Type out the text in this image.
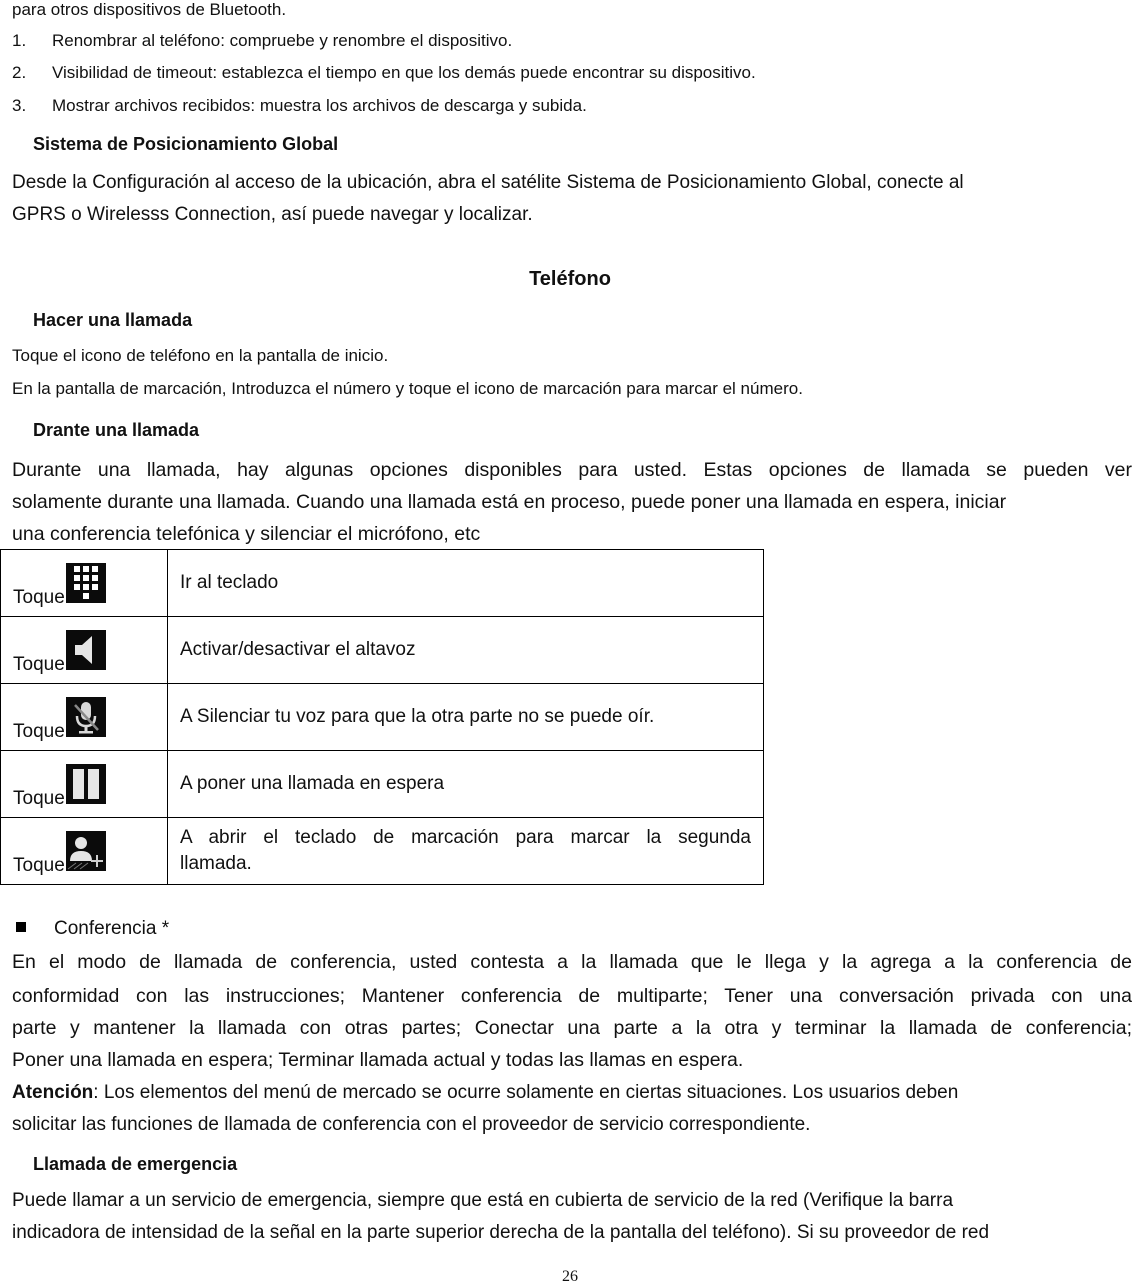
para otros dispositivos de Bluetooth.
1. Renombrar al teléfono: compruebe y renombre el dispositivo.
2. Visibilidad de timeout: establezca el tiempo en que los demás puede encontrar su dispositivo.
3. Mostrar archivos recibidos: muestra los archivos de descarga y subida.
Sistema de Posicionamiento Global
Desde la Configuración al acceso de la ubicación, abra el satélite Sistema de Posicionamiento Global, conecte al
GPRS o Wirelesss Connection, así puede navegar y localizar.
Teléfono
Hacer una llamada
Toque el icono de teléfono en la pantalla de inicio.
En la pantalla de marcación, Introduzca el número y toque el icono de marcación para marcar el número.
Drante una llamada
Durante una llamada, hay algunas opciones disponibles para usted. Estas opciones de llamada se pueden ver
solamente durante una llamada. Cuando una llamada está en proceso, puede poner una llamada en espera, iniciar
una conferencia telefónica y silenciar el micrófono, etc
Toque	Ir al teclado

Toque	Activar/desactivar el altavoz

Toque	A Silenciar tu voz para que la otra parte no se puede oír.

Toque	A poner una llamada en espera

Toque	A abrir el teclado de marcación para marcar la segunda
llamada.
Conferencia *
En el modo de llamada de conferencia, usted contesta a la llamada que le llega y la agrega a la conferencia de
conformidad con las instrucciones; Mantener conferencia de multiparte; Tener una conversación privada con una
parte y mantener la llamada con otras partes; Conectar una parte a la otra y terminar la llamada de conferencia;
Poner una llamada en espera; Terminar llamada actual y todas las llamas en espera.
Atención: Los elementos del menú de mercado se ocurre solamente en ciertas situaciones. Los usuarios deben
solicitar las funciones de llamada de conferencia con el proveedor de servicio correspondiente.
Llamada de emergencia
Puede llamar a un servicio de emergencia, siempre que está en cubierta de servicio de la red (Verifique la barra
indicadora de intensidad de la señal en la parte superior derecha de la pantalla del teléfono). Si su proveedor de red
26
